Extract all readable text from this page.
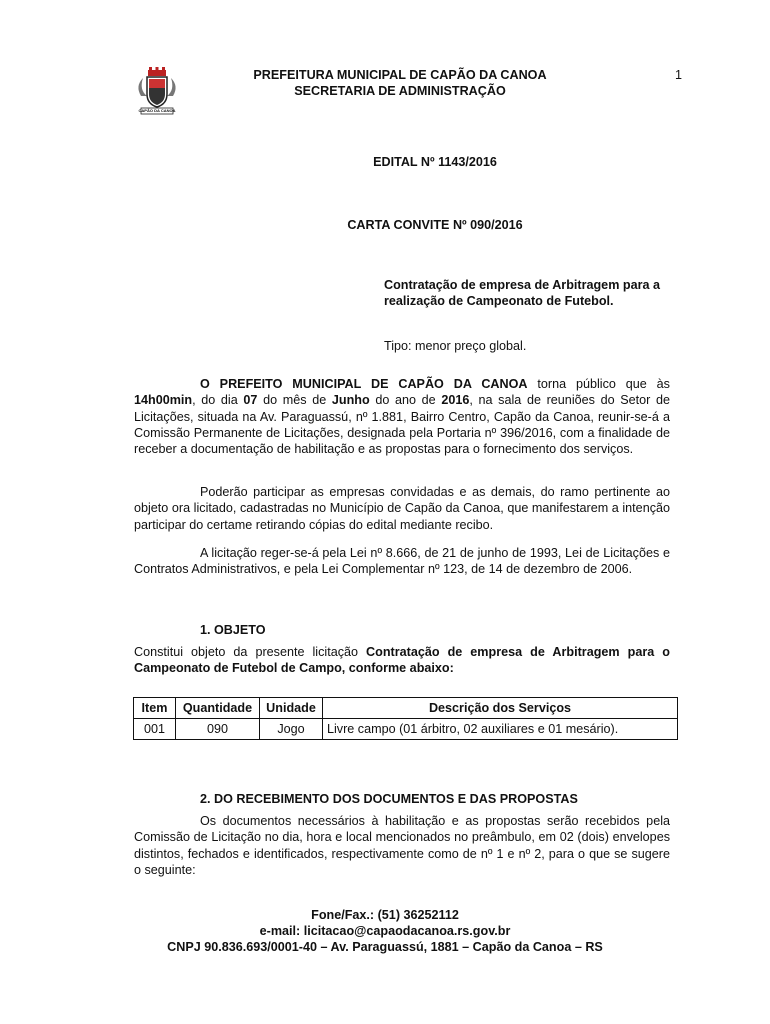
CAPÃO DA CANOA
PREFEITURA MUNICIPAL DE CAPÃO DA CANOA
SECRETARIA DE ADMINISTRAÇÃO
1
EDITAL Nº 1143/2016
CARTA CONVITE Nº 090/2016
Contratação de empresa de Arbitragem para a realização de Campeonato de Futebol.
Tipo: menor preço global.
O PREFEITO MUNICIPAL DE CAPÃO DA CANOA torna público que às 14h00min, do dia 07 do mês de Junho do ano de 2016, na sala de reuniões do Setor de Licitações, situada na Av. Paraguassú, nº 1.881, Bairro Centro, Capão da Canoa, reunir-se-á a Comissão Permanente de Licitações, designada pela Portaria nº 396/2016, com a finalidade de receber a documentação de habilitação e as propostas para o fornecimento dos serviços.
Poderão participar as empresas convidadas e as demais, do ramo pertinente ao objeto ora licitado, cadastradas no Município de Capão da Canoa, que manifestarem a intenção participar do certame retirando cópias do edital mediante recibo.
A licitação reger-se-á pela Lei nº 8.666, de 21 de junho de 1993, Lei de Licitações e Contratos Administrativos, e pela Lei Complementar nº 123, de 14 de dezembro de 2006.
1. OBJETO
Constitui objeto da presente licitação Contratação de empresa de Arbitragem para o Campeonato de Futebol de Campo, conforme abaixo:
Item	Quantidade	Unidade	Descrição dos Serviços
001	090	Jogo	Livre campo (01 árbitro, 02 auxiliares e 01 mesário).
2. DO RECEBIMENTO DOS DOCUMENTOS E DAS PROPOSTAS
Os documentos necessários à habilitação e as propostas serão recebidos pela Comissão de Licitação no dia, hora e local mencionados no preâmbulo, em 02 (dois) envelopes distintos, fechados e identificados, respectivamente como de nº 1 e nº 2, para o que se sugere o seguinte:
Fone/Fax.: (51) 36252112
e-mail: licitacao@capaodacanoa.rs.gov.br
CNPJ 90.836.693/0001-40 – Av. Paraguassú, 1881 – Capão da Canoa – RS
